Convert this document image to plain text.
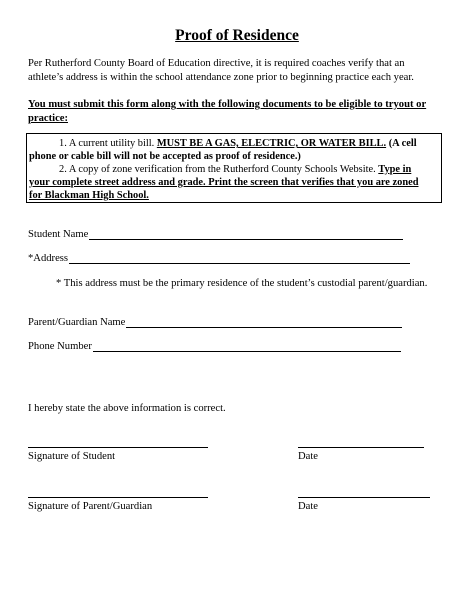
Proof of Residence
Per Rutherford County Board of Education directive, it is required coaches verify that an
athlete’s address is within the school attendance zone prior to beginning practice each year.
You must submit this form along with the following documents to be eligible to tryout or
practice:

1. A current utility bill. MUST BE A GAS, ELECTRIC, OR WATER BILL. (A cell

phone or cable bill will not be accepted as proof of residence.)

2. A copy of zone verification from the Rutherford County Schools Website. Type in

your complete street address and grade. Print the screen that verifies that you are zoned

for Blackman High School.

Student Name
*Address
* This address must be the primary residence of the student’s custodial parent/guardian.
Parent/Guardian Name
Phone Number
I hereby state the above information is correct.
Signature of Student	Date
Signature of Parent/Guardian	Date
